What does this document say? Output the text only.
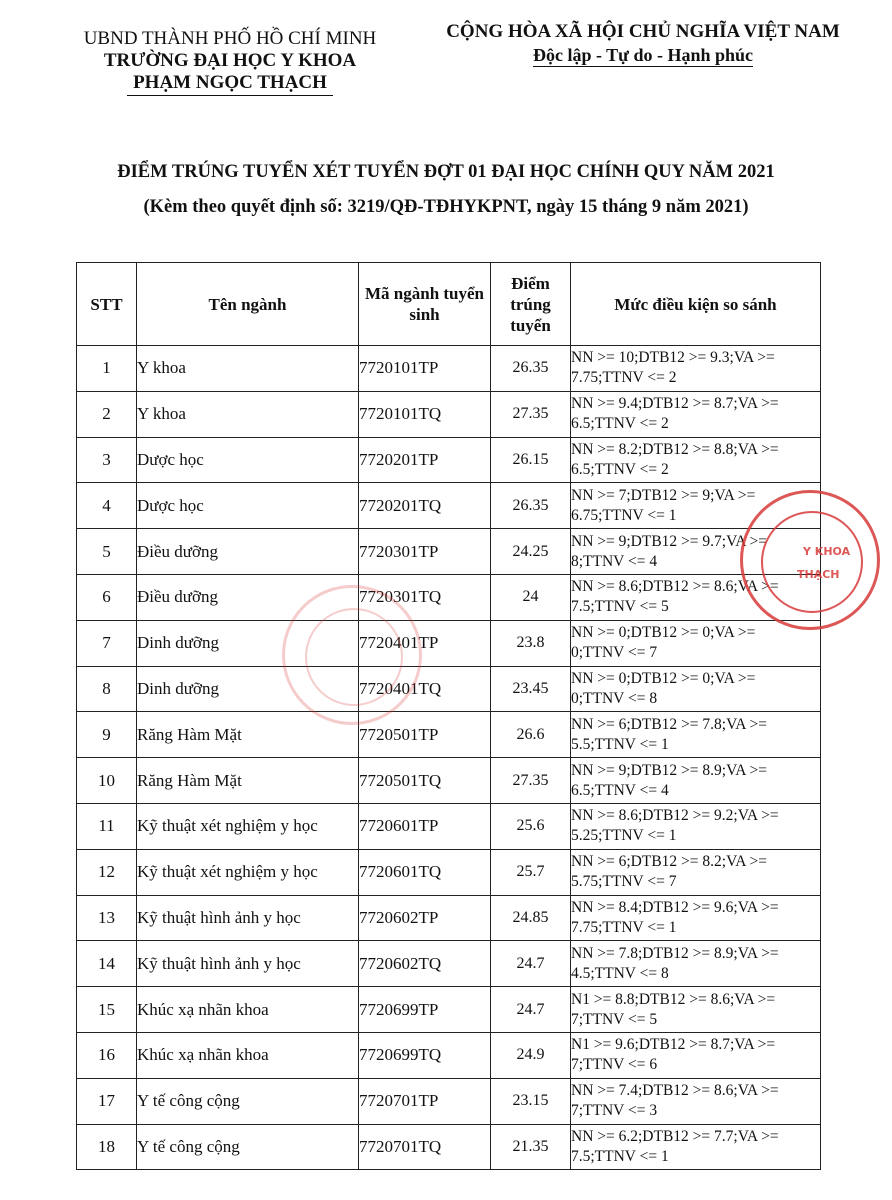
UBND THÀNH PHỐ HỒ CHÍ MINH
TRƯỜNG ĐẠI HỌC Y KHOA
PHẠM NGỌC THẠCH
CỘNG HÒA XÃ HỘI CHỦ NGHĨA VIỆT NAM
Độc lập - Tự do - Hạnh phúc
ĐIỂM TRÚNG TUYỂN XÉT TUYỂN ĐỢT 01 ĐẠI HỌC CHÍNH QUY NĂM 2021
(Kèm theo quyết định số: 3219/QĐ-TĐHYKPNT, ngày 15 tháng 9 năm 2021)
STT	Tên ngành	Mã ngành tuyển sinh	Điểm trúng tuyển	Mức điều kiện so sánh
1	Y khoa	7720101TP	26.35	NN >= 10;DTB12 >= 9.3;VA >=
7.75;TTNV <= 2

2	Y khoa	7720101TQ	27.35	NN >= 9.4;DTB12 >= 8.7;VA >=
6.5;TTNV <= 2

3	Dược học	7720201TP	26.15	NN >= 8.2;DTB12 >= 8.8;VA >=
6.5;TTNV <= 2

4	Dược học	7720201TQ	26.35	NN >= 7;DTB12 >= 9;VA >=
6.75;TTNV <= 1

5	Điều dưỡng	7720301TP	24.25	NN >= 9;DTB12 >= 9.7;VA >=
8;TTNV <= 4

6	Điều dưỡng	7720301TQ	24	NN >= 8.6;DTB12 >= 8.6;VA >=
7.5;TTNV <= 5

7	Dinh dưỡng	7720401TP	23.8	NN >= 0;DTB12 >= 0;VA >=
0;TTNV <= 7

8	Dinh dưỡng	7720401TQ	23.45	NN >= 0;DTB12 >= 0;VA >=
0;TTNV <= 8

9	Răng Hàm Mặt	7720501TP	26.6	NN >= 6;DTB12 >= 7.8;VA >=
5.5;TTNV <= 1

10	Răng Hàm Mặt	7720501TQ	27.35	NN >= 9;DTB12 >= 8.9;VA >=
6.5;TTNV <= 4

11	Kỹ thuật xét nghiệm y học	7720601TP	25.6	NN >= 8.6;DTB12 >= 9.2;VA >=
5.25;TTNV <= 1

12	Kỹ thuật xét nghiệm y học	7720601TQ	25.7	NN >= 6;DTB12 >= 8.2;VA >=
5.75;TTNV <= 7

13	Kỹ thuật hình ảnh y học	7720602TP	24.85	NN >= 8.4;DTB12 >= 9.6;VA >=
7.75;TTNV <= 1

14	Kỹ thuật hình ảnh y học	7720602TQ	24.7	NN >= 7.8;DTB12 >= 8.9;VA >=
4.5;TTNV <= 8

15	Khúc xạ nhãn khoa	7720699TP	24.7	N1 >= 8.8;DTB12 >= 8.6;VA >=
7;TTNV <= 5

16	Khúc xạ nhãn khoa	7720699TQ	24.9	N1 >= 9.6;DTB12 >= 8.7;VA >=
7;TTNV <= 6

17	Y tế công cộng	7720701TP	23.15	NN >= 7.4;DTB12 >= 8.6;VA >=
7;TTNV <= 3

18	Y tế công cộng	7720701TQ	21.35	NN >= 6.2;DTB12 >= 7.7;VA >=
7.5;TTNV <= 1
Y KHOA
THẠCH
